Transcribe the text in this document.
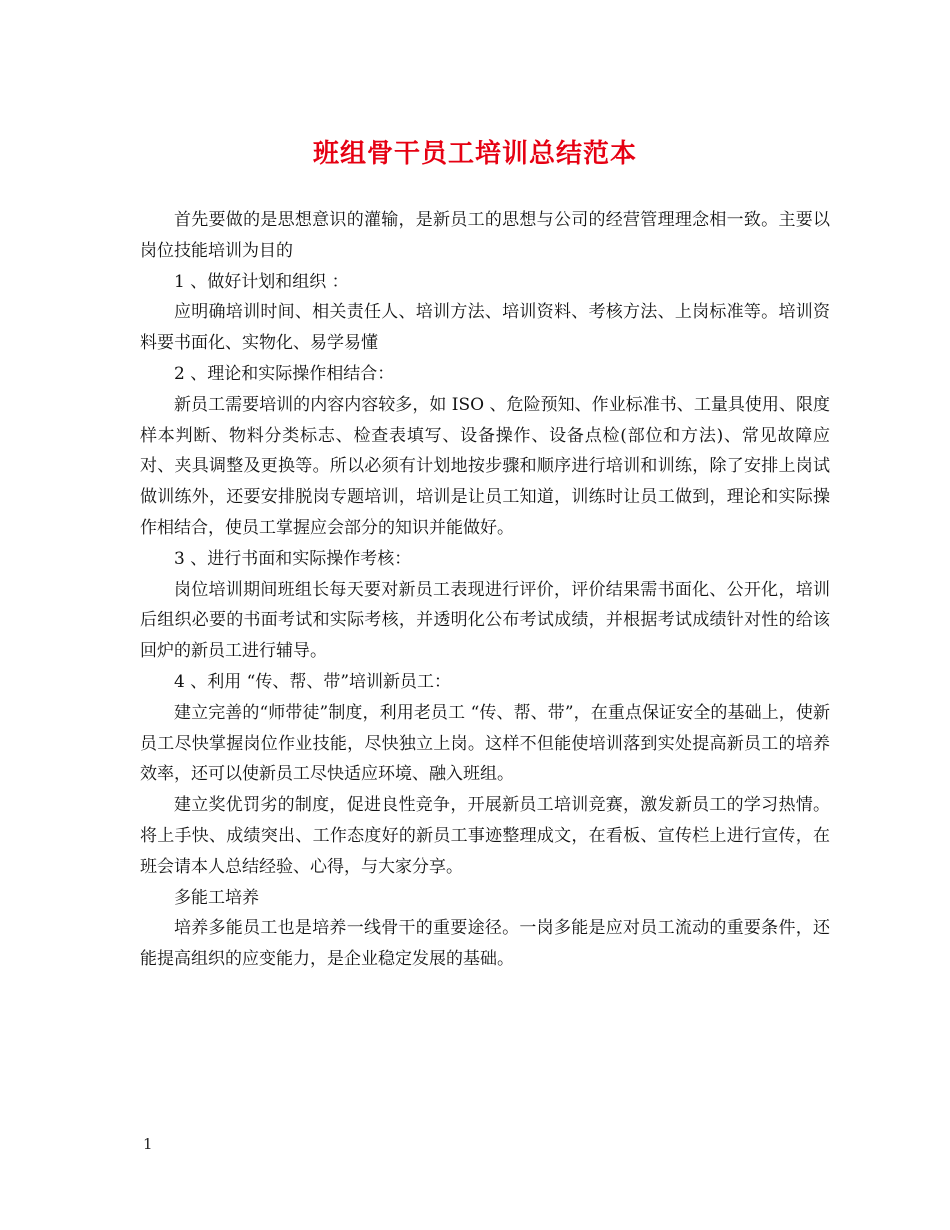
班组骨干员工培训总结范本

首先要做的是思想意识的灌输，是新员工的思想与公司的经营管理理念相一致。主要以岗位技能培训为目的

1 、做好计划和组织 ：

应明确培训时间、相关责任人、培训方法、培训资料、考核方法、上岗标准等。培训资料要书面化、实物化、易学易懂

2 、理论和实际操作相结合：

新员工需要培训的内容内容较多，如 ISO 、危险预知、作业标准书、工量具使用、限度样本判断、物料分类标志、检查表填写、设备操作、设备点检(部位和方法)、常见故障应对、夹具调整及更换等。所以必须有计划地按步骤和顺序进行培训和训练，除了安排上岗试做训练外，还要安排脱岗专题培训，培训是让员工知道，训练时让员工做到，理论和实际操作相结合，使员工掌握应会部分的知识并能做好。

3 、进行书面和实际操作考核：

岗位培训期间班组长每天要对新员工表现进行评价，评价结果需书面化、公开化，培训后组织必要的书面考试和实际考核，并透明化公布考试成绩，并根据考试成绩针对性的给该回炉的新员工进行辅导。

4 、利用 “传、帮、带”培训新员工：

建立完善的“师带徒”制度，利用老员工 “传、帮、带”，在重点保证安全的基础上，使新员工尽快掌握岗位作业技能，尽快独立上岗。这样不但能使培训落到实处提高新员工的培养效率，还可以使新员工尽快适应环境、融入班组。

建立奖优罚劣的制度，促进良性竞争，开展新员工培训竞赛，激发新员工的学习热情。将上手快、成绩突出、工作态度好的新员工事迹整理成文，在看板、宣传栏上进行宣传，在班会请本人总结经验、心得，与大家分享。

多能工培养

培养多能员工也是培养一线骨干的重要途径。一岗多能是应对员工流动的重要条件，还能提高组织的应变能力，是企业稳定发展的基础。

1
